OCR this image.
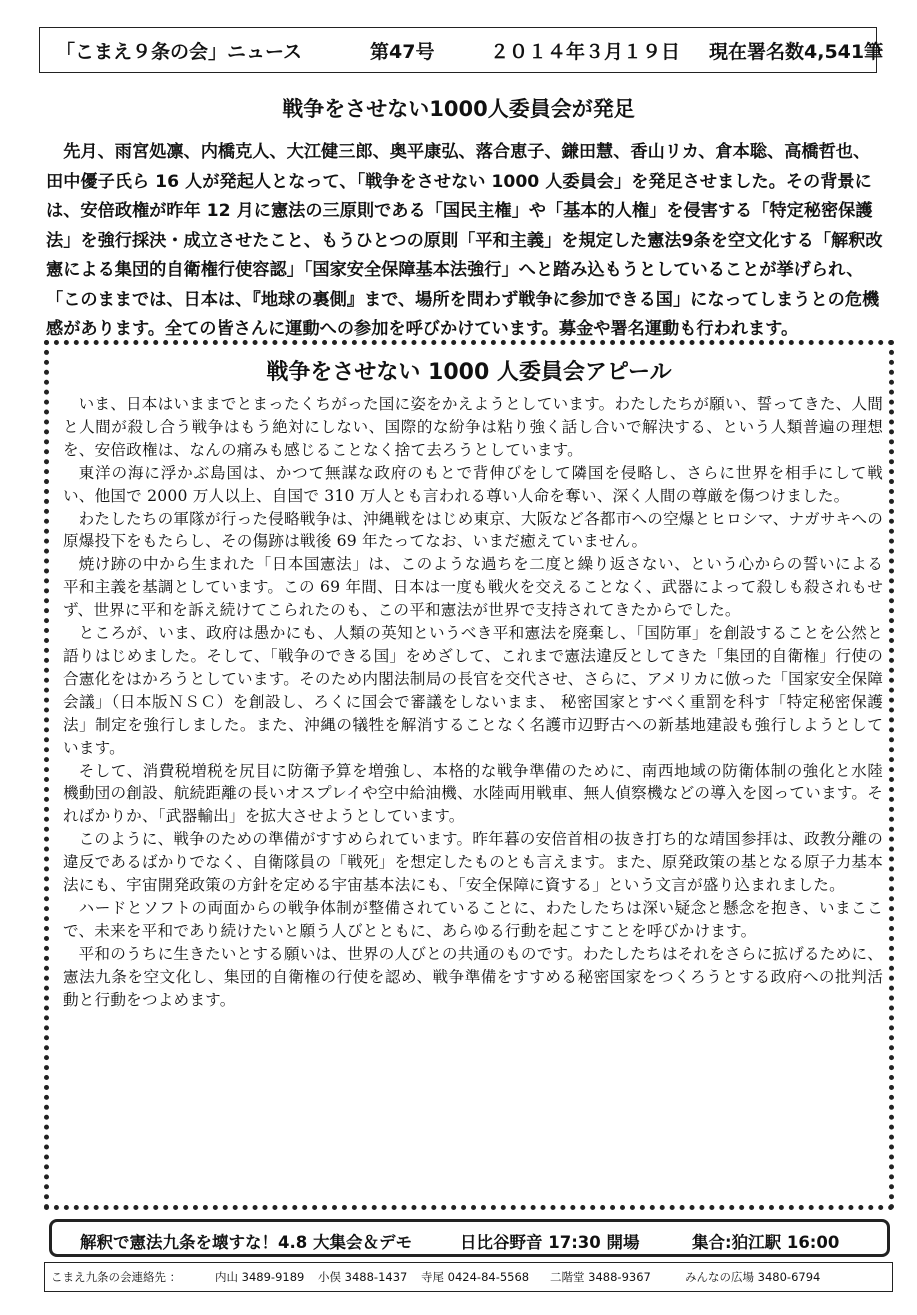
「こまえ９条の会」ニュース	第47号	２０１４年３月１９日 現在署名数4,541筆
戦争をさせない1000人委員会が発足

先月、雨宮処凛、内橋克人、大江健三郎、奥平康弘、落合恵子、鎌田慧、香山リカ、倉本聡、高橋哲也、田中優子氏ら 16 人が発起人となって、「戦争をさせない 1000 人委員会」を発足させました。その背景には、安倍政権が昨年 12 月に憲法の三原則である「国民主権」や「基本的人権」を侵害する「特定秘密保護法」を強行採決・成立させたこと、もうひとつの原則「平和主義」を規定した憲法9条を空文化する「解釈改憲による集団的自衛権行使容認」「国家安全保障基本法強行」へと踏み込もうとしていることが挙げられ、「このままでは、日本は、『地球の裏側』まで、場所を問わず戦争に参加できる国」になってしまうとの危機感があります。全ての皆さんに運動への参加を呼びかけています。募金や署名運動も行われます。

戦争をさせない 1000 人委員会アピール

いま、日本はいままでとまったくちがった国に姿をかえようとしています。わたしたちが願い、誓ってきた、人間と人間が殺し合う戦争はもう絶対にしない、国際的な紛争は粘り強く話し合いで解決する、という人類普遍の理想を、安倍政権は、なんの痛みも感じることなく捨て去ろうとしています。

東洋の海に浮かぶ島国は、かつて無謀な政府のもとで背伸びをして隣国を侵略し、さらに世界を相手にして戦い、他国で 2000 万人以上、自国で 310 万人とも言われる尊い人命を奪い、深く人間の尊厳を傷つけました。

わたしたちの軍隊が行った侵略戦争は、沖縄戦をはじめ東京、大阪など各都市への空爆とヒロシマ、ナガサキへの原爆投下をもたらし、その傷跡は戦後 69 年たってなお、いまだ癒えていません。

焼け跡の中から生まれた「日本国憲法」は、このような過ちを二度と繰り返さない、という心からの誓いによる平和主義を基調としています。この 69 年間、日本は一度も戦火を交えることなく、武器によって殺しも殺されもせず、世界に平和を訴え続けてこられたのも、この平和憲法が世界で支持されてきたからでした。

ところが、いま、政府は愚かにも、人類の英知というべき平和憲法を廃棄し、「国防軍」を創設することを公然と語りはじめました。そして、「戦争のできる国」をめざして、これまで憲法違反としてきた「集団的自衛権」行使の合憲化をはかろうとしています。そのため内閣法制局の長官を交代させ、さらに、アメリカに倣った「国家安全保障会議」（日本版ＮＳＣ）を創設し、ろくに国会で審議をしないまま、 秘密国家とすべく重罰を科す「特定秘密保護法」制定を強行しました。また、沖縄の犠牲を解消することなく名護市辺野古への新基地建設も強行しようとしています。

そして、消費税増税を尻目に防衛予算を増強し、本格的な戦争準備のために、南西地域の防衛体制の強化と水陸機動団の創設、航続距離の長いオスプレイや空中給油機、水陸両用戦車、無人偵察機などの導入を図っています。そればかりか、「武器輸出」を拡大させようとしています。

このように、戦争のための準備がすすめられています。昨年暮の安倍首相の抜き打ち的な靖国参拝は、政教分離の違反であるばかりでなく、自衛隊員の「戦死」を想定したものとも言えます。また、原発政策の基となる原子力基本法にも、宇宙開発政策の方針を定める宇宙基本法にも、「安全保障に資する」という文言が盛り込まれました。

ハードとソフトの両面からの戦争体制が整備されていることに、わたしたちは深い疑念と懸念を抱き、いまここで、未来を平和であり続けたいと願う人びとともに、あらゆる行動を起こすことを呼びかけます。

平和のうちに生きたいとする願いは、世界の人びとの共通のものです。わたしたちはそれをさらに拡げるために、憲法九条を空文化し、集団的自衛権の行使を認め、戦争準備をすすめる秘密国家をつくろうとする政府への批判活動と行動をつよめます。

解釈で憲法九条を壊すな！4.8 大集会＆デモ	日比谷野音 17:30 開場	集合:狛江駅 16:00
こまえ九条の会連絡先 ：	内山 3489-9189 小俣 3488-1437 寺尾 0424-84-5568 二階堂 3488-9367	みんなの広場 3480-6794
